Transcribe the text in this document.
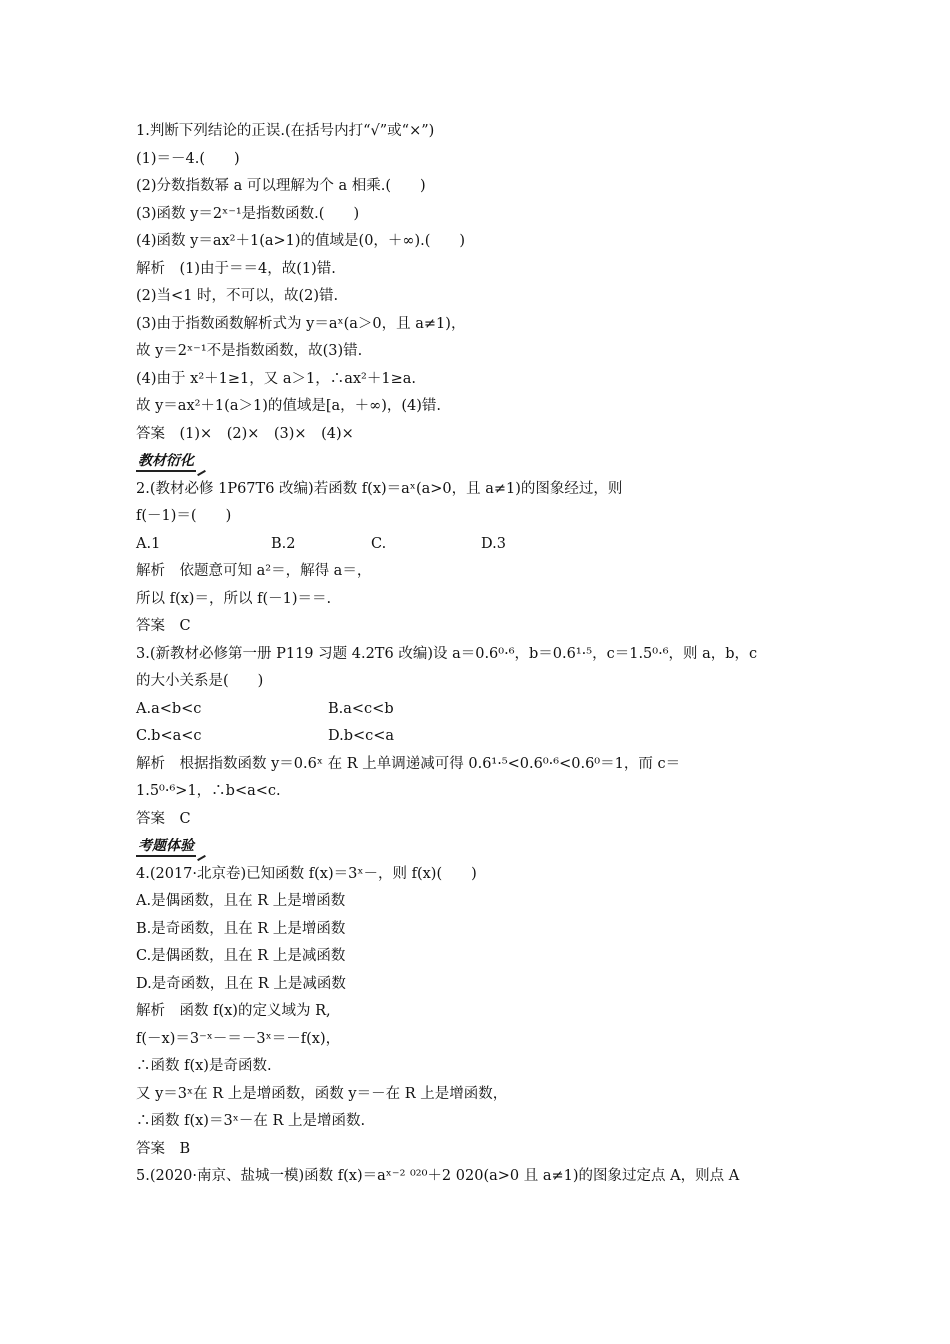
1.判断下列结论的正误.(在括号内打“√”或“×”)
(1)＝－4.(　　)
(2)分数指数幂 a 可以理解为个 a 相乘.(　　)
(3)函数 y＝2ˣ⁻¹是指数函数.(　　)
(4)函数 y＝ax²＋1(a>1)的值域是(0，＋∞).(　　)
解析　(1)由于＝＝4，故(1)错.
(2)当<1 时，不可以，故(2)错.
(3)由于指数函数解析式为 y＝aˣ(a＞0，且 a≠1)，
故 y＝2ˣ⁻¹不是指数函数，故(3)错.
(4)由于 x²＋1≥1，又 a＞1，∴ax²＋1≥a.
故 y＝ax²＋1(a＞1)的值域是[a，＋∞)，(4)错.
答案　(1)×　(2)×　(3)×　(4)×
教材衍化
2.(教材必修 1P67T6 改编)若函数 f(x)＝aˣ(a>0，且 a≠1)的图象经过，则
f(－1)＝(　　)
A.1	B.2	C.	D.3
解析　依题意可知 a²＝，解得 a＝，
所以 f(x)＝，所以 f(－1)＝＝.
答案　C
3.(新教材必修第一册 P119 习题 4.2T6 改编)设 a＝0.6⁰·⁶，b＝0.6¹·⁵，c＝1.5⁰·⁶，则 a，b，c
的大小关系是(　　)
A.a<b<c	B.a<c<b
C.b<a<c	D.b<c<a
解析　根据指数函数 y＝0.6ˣ 在 R 上单调递减可得 0.6¹·⁵<0.6⁰·⁶<0.6⁰＝1，而 c＝
1.5⁰·⁶>1，∴b<a<c.
答案　C
考题体验
4.(2017·北京卷)已知函数 f(x)＝3ˣ－，则 f(x)(　　)
A.是偶函数，且在 R 上是增函数
B.是奇函数，且在 R 上是增函数
C.是偶函数，且在 R 上是减函数
D.是奇函数，且在 R 上是减函数
解析　函数 f(x)的定义域为 R,
f(－x)＝3⁻ˣ－＝－3ˣ＝－f(x)，
∴函数 f(x)是奇函数.
又 y＝3ˣ在 R 上是增函数，函数 y＝－在 R 上是增函数，
∴函数 f(x)＝3ˣ－在 R 上是增函数.
答案　B
5.(2020·南京、盐城一模)函数 f(x)＝aˣ⁻² ⁰²⁰＋2 020(a>0 且 a≠1)的图象过定点 A，则点 A
